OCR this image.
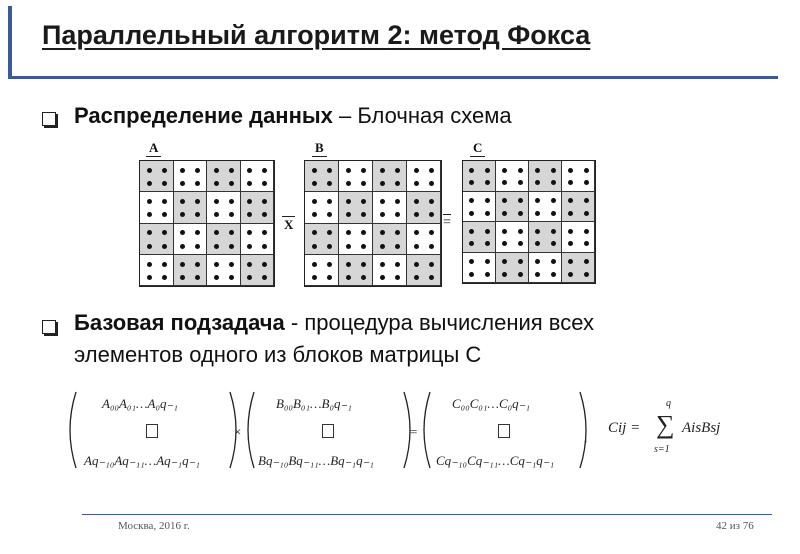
Параллельный алгоритм 2: метод Фокса
Распределение данных – Блочная схема
A	B	C
X	=
Базовая подзадача - процедура вычисления всех
элементов одного из блоков матрицы C
A₀₀A₀₁…A₀q₋₁
Aq₋₁₀Aq₋₁₁…Aq₋₁q₋₁
×
B₀₀B₀₁…B₀q₋₁
Bq₋₁₀Bq₋₁₁…Bq₋₁q₋₁
=
C₀₀C₀₁…C₀q₋₁
Cq₋₁₀Cq₋₁₁…Cq₋₁q₋₁
,
Cij =
q
∑
s=1
AisBsj
Москва, 2016 г.	42 из 76
